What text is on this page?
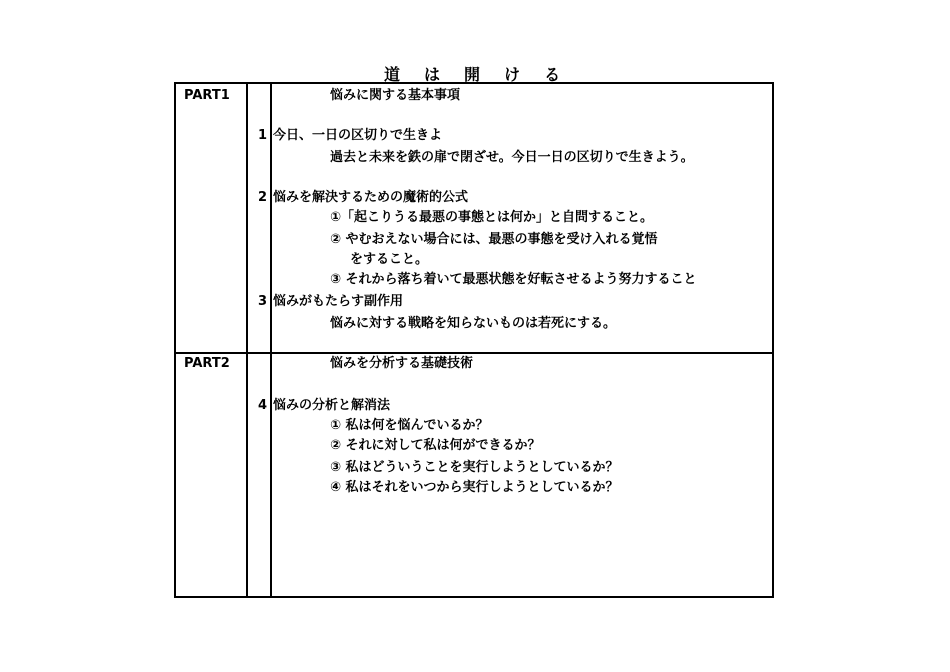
道 は 開 け る
PART1	悩みに関する基本事項
1 今日、一日の区切りで生きよ
過去と未来を鉄の扉で閉ざせ。今日一日の区切りで生きよう。
2 悩みを解決するための魔術的公式
①「起こりうる最悪の事態とは何か」と自問すること。
② やむおえない場合には、最悪の事態を受け入れる覚悟
をすること。
③ それから落ち着いて最悪状態を好転させるよう努力すること
3 悩みがもたらす副作用
悩みに対する戦略を知らないものは若死にする。
PART2	悩みを分析する基礎技術
4 悩みの分析と解消法
① 私は何を悩んでいるか？
② それに対して私は何ができるか？
③ 私はどういうことを実行しようとしているか？
④ 私はそれをいつから実行しようとしているか？
